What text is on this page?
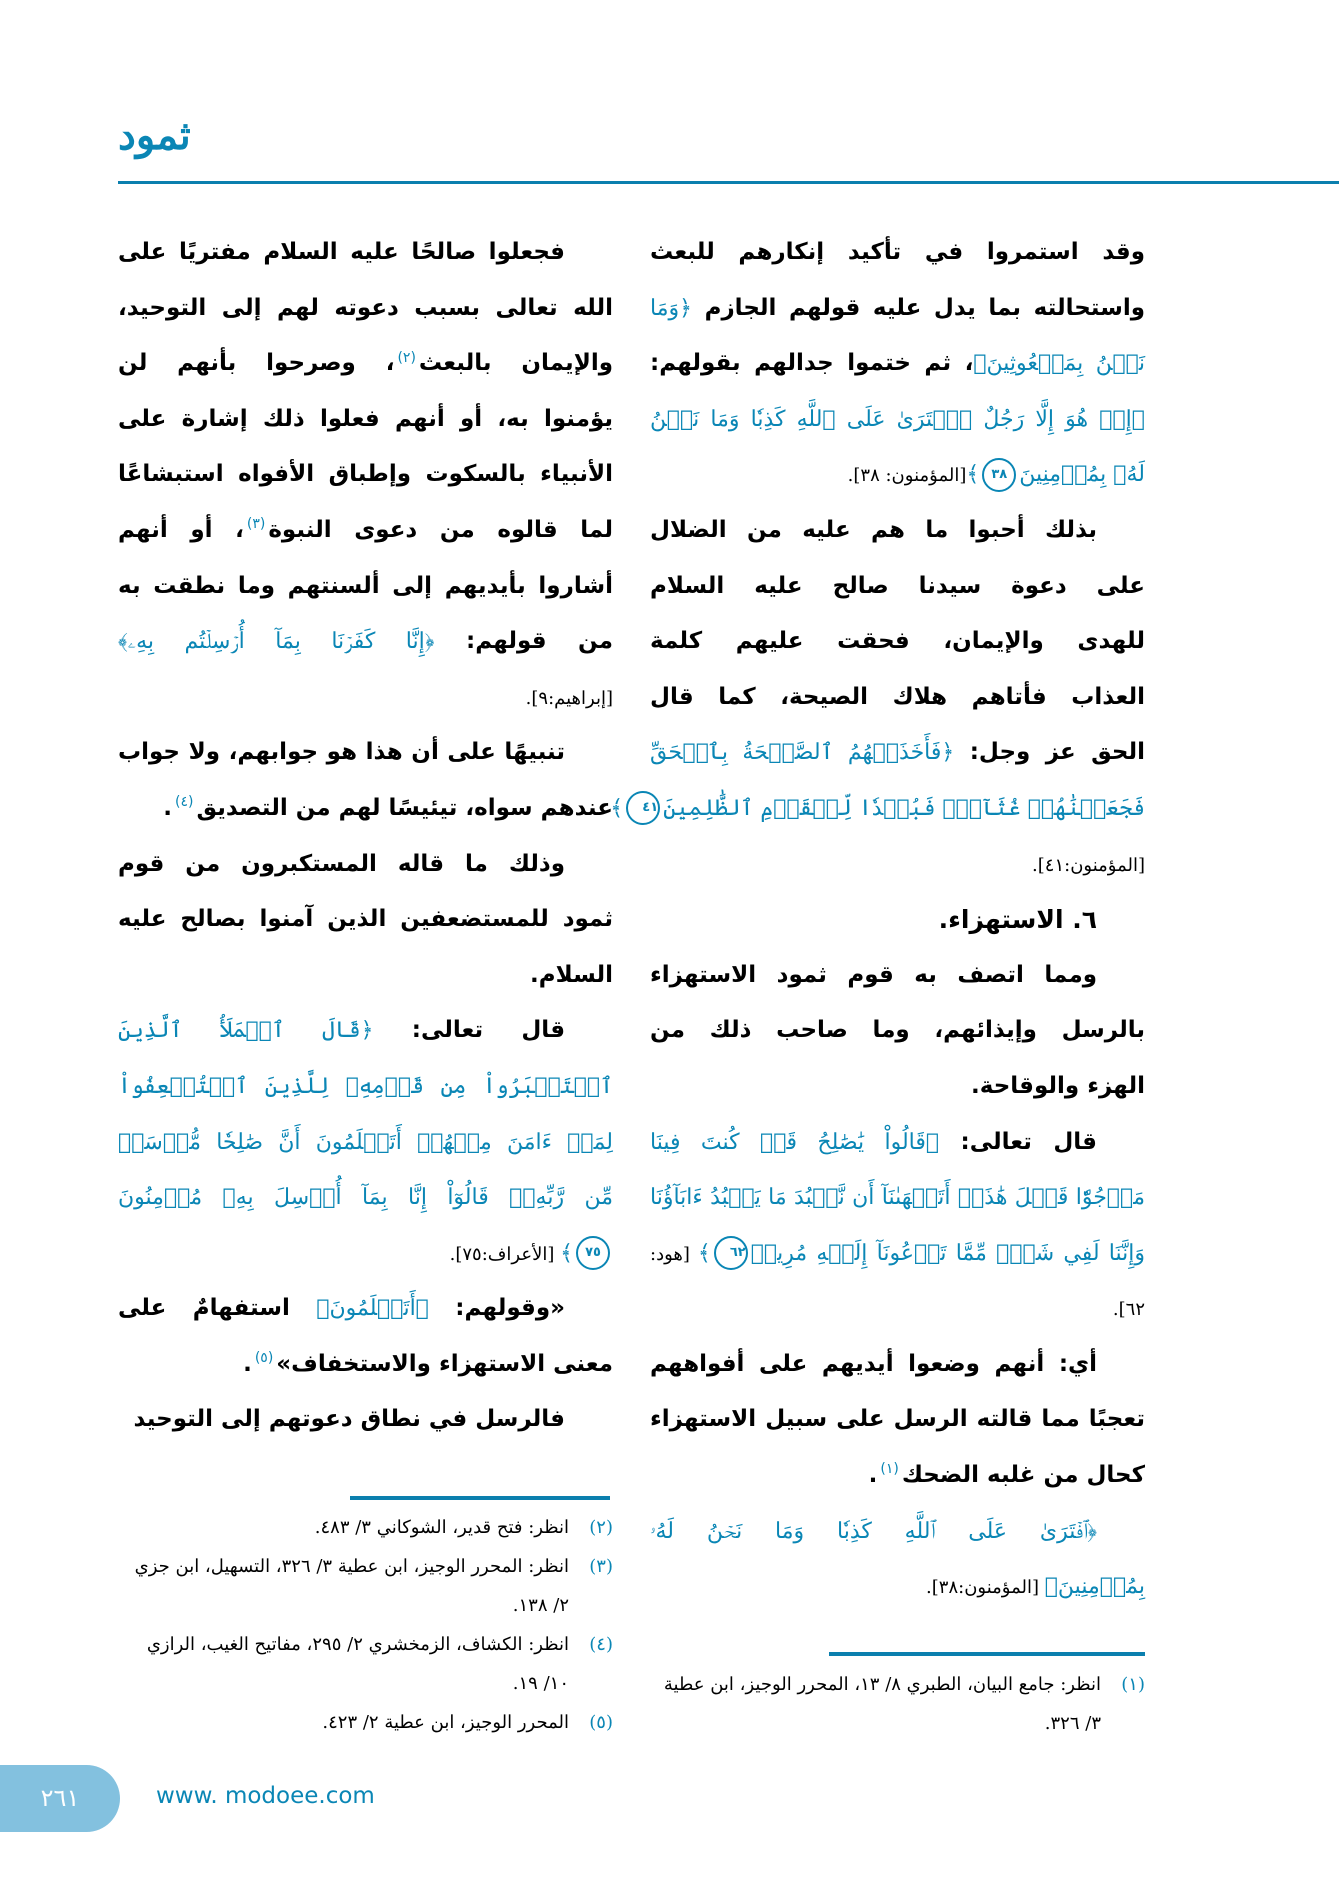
ثمود
وقد استمروا في تأكيد إنكارهم للبعث
واستحالته بما يدل عليه قولهم الجازم ﴿وَمَا
نَحۡنُ بِمَبۡعُوثِينَ﴾، ثم ختموا جدالهم بقولهم:
﴿إِنۡ هُوَ إِلَّا رَجُلٌ ٱفۡتَرَىٰ عَلَى ٱللَّهِ كَذِبٗا وَمَا نَحۡنُ
لَهُۥ بِمُؤۡمِنِينَ٣٨﴾[المؤمنون: ٣٨].
بذلك أحبوا ما هم عليه من الضلال
على دعوة سيدنا صالح عليه السلام
للهدى والإيمان، فحقت عليهم كلمة
العذاب فأتاهم هلاك الصيحة، كما قال
الحق عز وجل: ﴿فَأَخَذَتۡهُمُ ٱلصَّيۡحَةُ بِٱلۡحَقِّ
فَجَعَلۡنَٰهُمۡ غُثَآءٗۚ فَبُعۡدٗا لِّلۡقَوۡمِ ٱلظَّٰلِمِينَ٤١﴾
[المؤمنون:٤١].
٦. الاستهزاء.
ومما اتصف به قوم ثمود الاستهزاء
بالرسل وإيذائهم، وما صاحب ذلك من
الهزء والوقاحة.
قال تعالى: ﴿قَالُواْ يَٰصَٰلِحُ قَدۡ كُنتَ فِينَا
مَرۡجُوّٗا قَبۡلَ هَٰذَآۖ أَتَنۡهَىٰنَآ أَن نَّعۡبُدَ مَا يَعۡبُدُ ءَابَآؤُنَا
وَإِنَّنَا لَفِي شَكّٖ مِّمَّا تَدۡعُونَآ إِلَيۡهِ مُرِيبٖ٦٢﴾ [هود:
٦٢].
أي: أنهم وضعوا أيديهم على أفواههم
تعجبًا مما قالته الرسل على سبيل الاستهزاء
كحال من غلبه الضحك$^{(١)}$.
﴿ٱفۡتَرَىٰ عَلَى ٱللَّهِ كَذِبٗا وَمَا نَحۡنُ لَهُۥ
بِمُؤۡمِنِينَ﴾ [المؤمنون:٣٨].
فجعلوا صالحًا عليه السلام مفتريًا على
الله تعالى بسبب دعوته لهم إلى التوحيد،
والإيمان بالبعث$^{(٢)}$، وصرحوا بأنهم لن
يؤمنوا به، أو أنهم فعلوا ذلك إشارة على
الأنبياء بالسكوت وإطباق الأفواه استبشاعًا
لما قالوه من دعوى النبوة$^{(٣)}$، أو أنهم
أشاروا بأيديهم إلى ألسنتهم وما نطقت به
من قولهم: ﴿إِنَّا كَفَرۡنَا بِمَآ أُرۡسِلۡتُم بِهِۦ﴾
[إبراهيم:٩].
تنبيهًا على أن هذا هو جوابهم، ولا جواب
عندهم سواه، تيئيسًا لهم من التصديق$^{(٤)}$.
وذلك ما قاله المستكبرون من قوم
ثمود للمستضعفين الذين آمنوا بصالح عليه
السلام.
قال تعالى: ﴿قَالَ ٱلۡمَلَأُ ٱلَّذِينَ
ٱسۡتَكۡبَرُواْ مِن قَوۡمِهِۦ لِلَّذِينَ ٱسۡتُضۡعِفُواْ
لِمَنۡ ءَامَنَ مِنۡهُمۡ أَتَعۡلَمُونَ أَنَّ صَٰلِحٗا مُّرۡسَلٞ
مِّن رَّبِّهِۦۚ قَالُوٓاْ إِنَّا بِمَآ أُرۡسِلَ بِهِۦ مُؤۡمِنُونَ
٧٥﴾ [الأعراف:٧٥].
«وقولهم: ﴿أَتَعۡلَمُونَ﴾ استفهامٌ على
معنى الاستهزاء والاستخفاف»$^{(٥)}$.
فالرسل في نطاق دعوتهم إلى التوحيد
(١)
انظر: جامع البيان، الطبري ٨/ ١٣، المحرر الوجيز، ابن عطية ٣/ ٣٢٦.
(٢)
انظر: فتح قدير، الشوكاني ٣/ ٤٨٣.
(٣)
انظر: المحرر الوجيز، ابن عطية ٣/ ٣٢٦، التسهيل، ابن جزي ٢/ ١٣٨.
(٤)
انظر: الكشاف، الزمخشري ٢/ ٢٩٥، مفاتيح الغيب، الرازي ١٠/ ١٩.
(٥)
المحرر الوجيز، ابن عطية ٢/ ٤٢٣.
٢٦١	www. modoee.com
